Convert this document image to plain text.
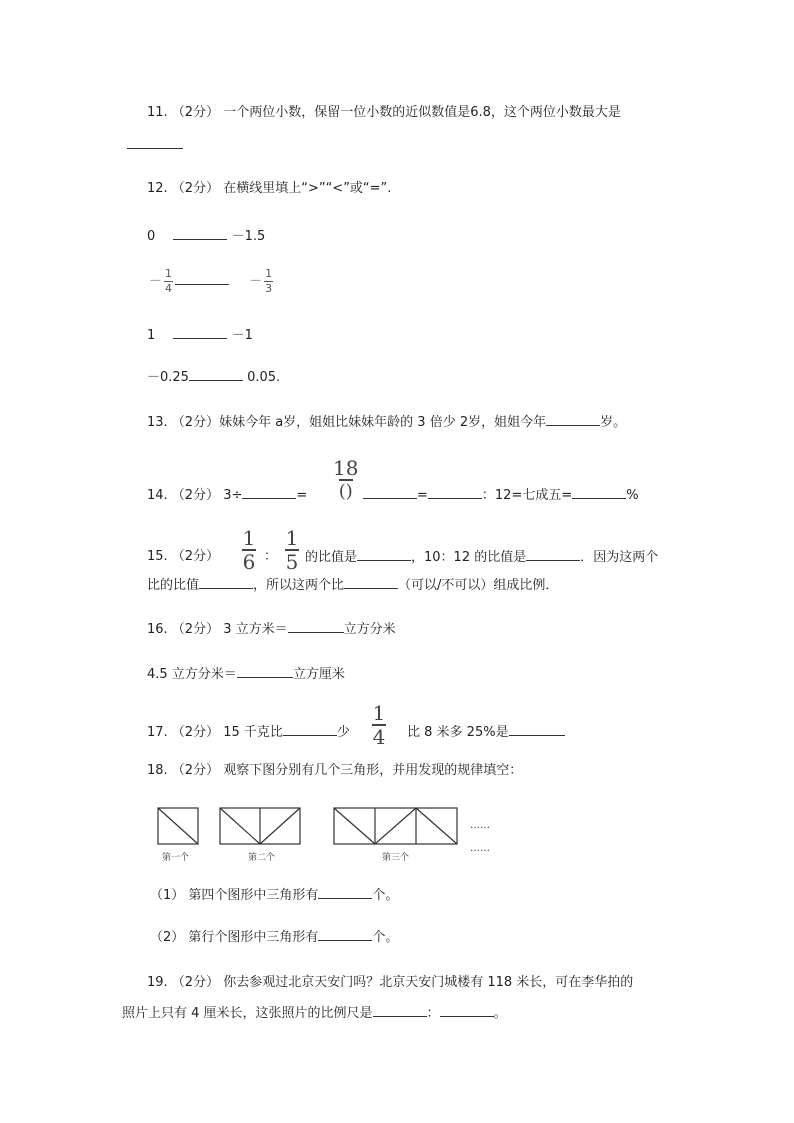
11. （2分） 一个两位小数，保留一位小数的近似数值是6.8，这个两位小数最大是
12. （2分） 在横线里填上“>”“<”或“=”.
0	－1.5
－ $\frac{1}{4}$	－ $\frac{1}{3}$
1	－1
－0.25	0.05.
13. （2分）妹妹今年 a岁，姐姐比妹妹年龄的 3 倍少 2岁，姐姐今年	岁。
14. （2分） 3÷	=
18
()	=	：12=七成五=	%
15. （2分）
1
6 ：
1
5 的比值是	，10：12 的比值是	．因为这两个
比的比值	，所以这两个比	（可以/不可以）组成比例．
16. （2分） 3 立方米＝	立方分米
4.5 立方分米＝	立方厘米
17. （2分） 15 千克比	少
1
4 比 8 米多 25%是
18. （2分） 观察下图分别有几个三角形，并用发现的规律填空：
第一个	第二个	第三个
……
……
（1） 第四个图形中三角形有	个。
（2） 第行个图形中三角形有	个。
19. （2分） 你去参观过北京天安门吗？北京天安门城楼有 118 米长，可在李华拍的
照片上只有 4 厘米长，这张照片的比例尺是	：	。
